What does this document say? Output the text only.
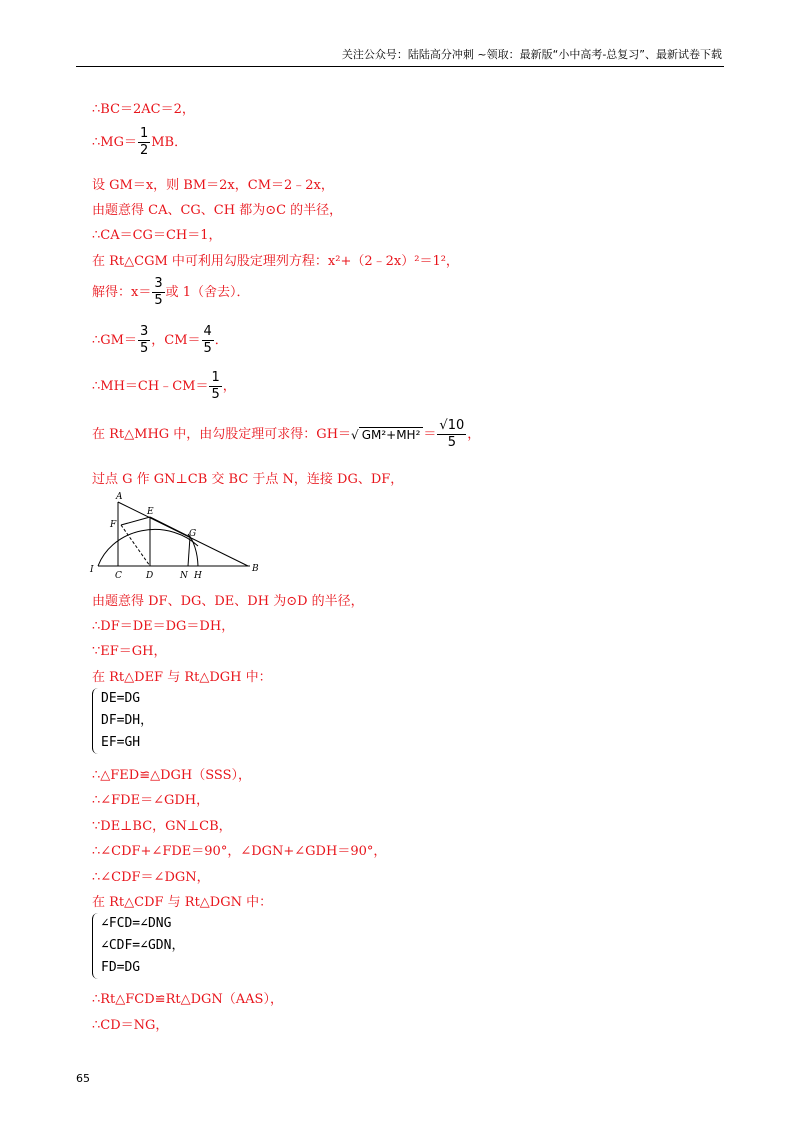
关注公众号：陆陆高分冲刺 ~领取：最新版“小中高考-总复习”、最新试卷下载
∴BC＝2AC＝2，
∴MG＝ $\frac{1}{2}$ MB．
设 GM＝x，则 BM＝2x，CM＝2﹣2x，
由题意得 CA、CG、CH 都为⊙C 的半径，
∴CA＝CG＝CH＝1，
在 Rt△CGM 中可利用勾股定理列方程：x²+（2﹣2x）²＝1²，
解得：$x= \frac{3}{5}$ 或 1（舍去）．
∴GM＝ $\frac{3}{5}$ ，$CM= \frac{4}{5}$ ．
∴MH＝CH﹣CM＝ $\frac{1}{5}$ ，
在 Rt△MHG 中，由勾股定理可求得：GH＝√ $GM^2+MH^2 = \frac{√10}{5}$ ，
过点 G 作 GN⊥CB 交 BC 于点 N，连接 DG、DF，
A
E
F
G
I
C	D	N H
B
由题意得 DF、DG、DE、DH 为⊙D 的半径，
∴DF＝DE＝DG＝DH，
∵EF＝GH，
在 Rt△DEF 与 Rt△DGH 中：
DE=DG
DF=DH，
EF=GH
∴△FED≌△DGH（SSS），
∴∠FDE＝∠GDH，
∵DE⊥BC，GN⊥CB，
∴∠CDF+∠FDE＝90°，∠DGN+∠GDH＝90°，
∴∠CDF＝∠DGN，
在 Rt△CDF 与 Rt△DGN 中：
∠FCD=∠DNG
∠CDF=∠GDN，
FD=DG
∴Rt△FCD≌Rt△DGN（AAS），
∴CD＝NG，
65
